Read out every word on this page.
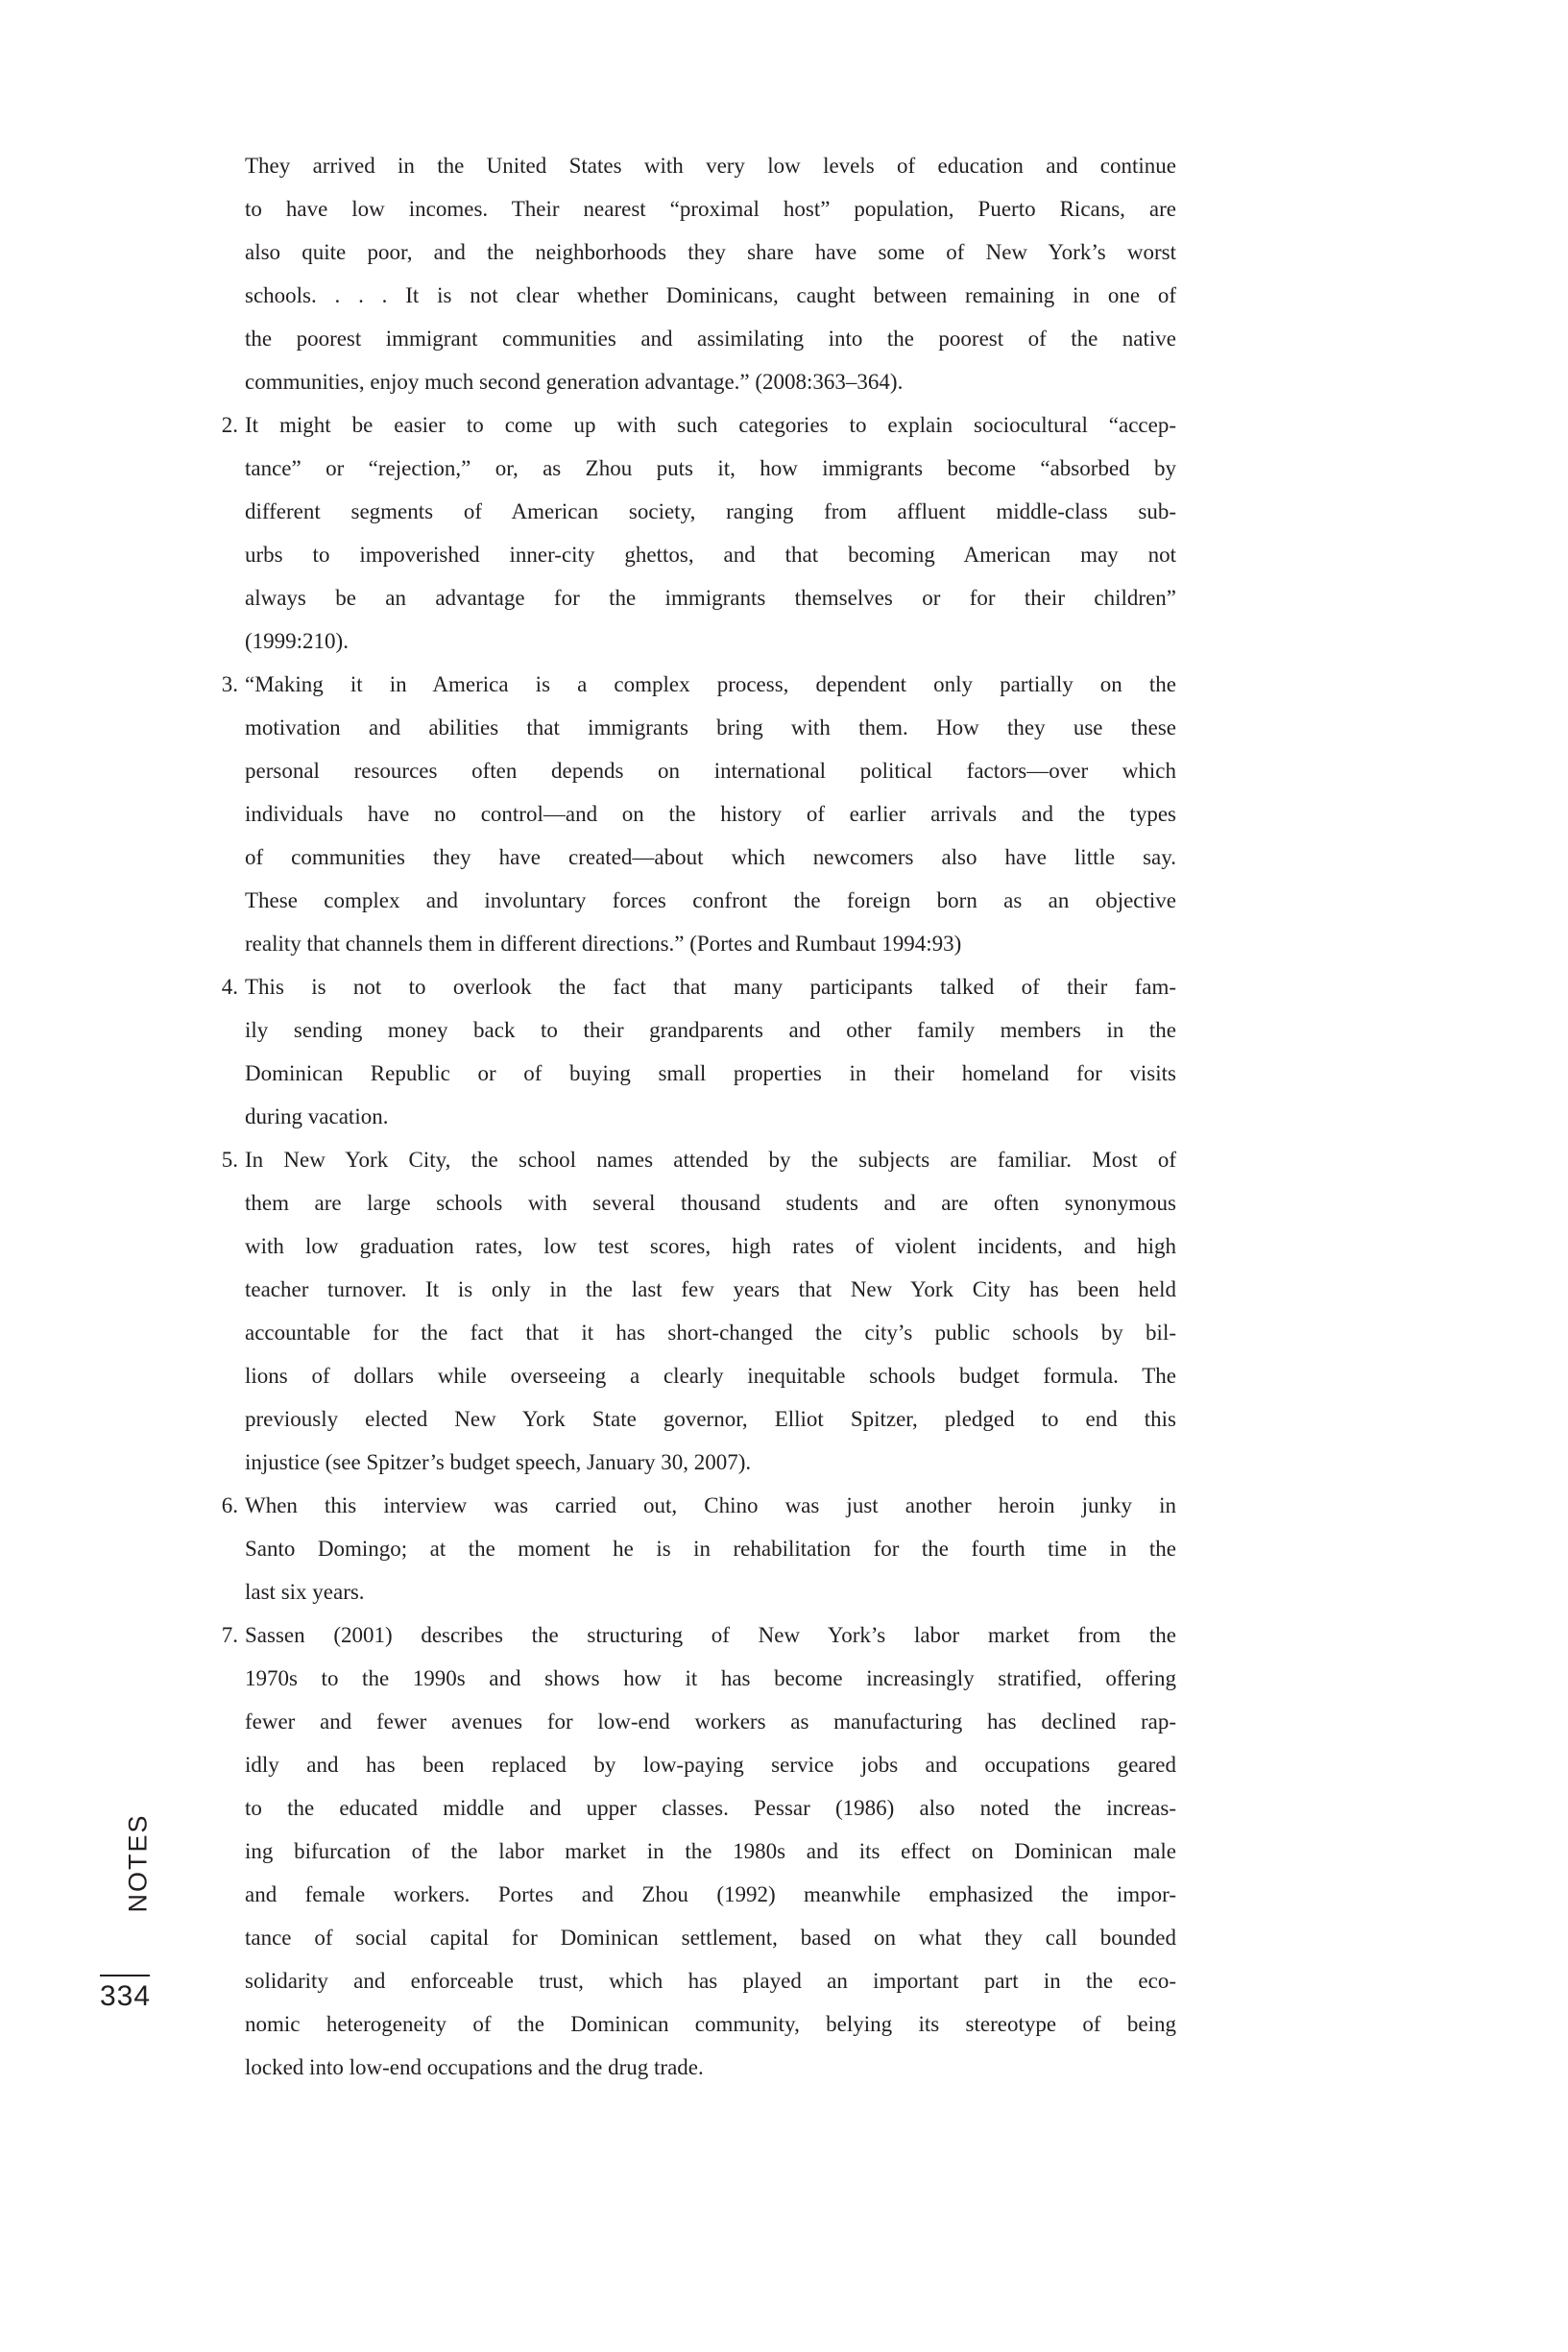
NOTES
334
They arrived in the United States with very low levels of education and continue
to have low incomes. Their nearest “proximal host” population, Puerto Ricans, are
also quite poor, and the neighborhoods they share have some of New York’s worst
schools. . . . It is not clear whether Dominicans, caught between remaining in one of
the poorest immigrant communities and assimilating into the poorest of the native
communities, enjoy much second generation advantage.” (2008:363–364).
2. It might be easier to come up with such categories to explain sociocultural “accep-
tance” or “rejection,” or, as Zhou puts it, how immigrants become “absorbed by
different segments of American society, ranging from affluent middle-class sub-
urbs to impoverished inner-city ghettos, and that becoming American may not
always be an advantage for the immigrants themselves or for their children”
(1999:210).
3. “Making it in America is a complex process, dependent only partially on the
motivation and abilities that immigrants bring with them. How they use these
personal resources often depends on international political factors—over which
individuals have no control—and on the history of earlier arrivals and the types
of communities they have created—about which newcomers also have little say.
These complex and involuntary forces confront the foreign born as an objective
reality that channels them in different directions.” (Portes and Rumbaut 1994:93)
4. This is not to overlook the fact that many participants talked of their fam-
ily sending money back to their grandparents and other family members in the
Dominican Republic or of buying small properties in their homeland for visits
during vacation.
5. In New York City, the school names attended by the subjects are familiar. Most of
them are large schools with several thousand students and are often synonymous
with low graduation rates, low test scores, high rates of violent incidents, and high
teacher turnover. It is only in the last few years that New York City has been held
accountable for the fact that it has short-changed the city’s public schools by bil-
lions of dollars while overseeing a clearly inequitable schools budget formula. The
previously elected New York State governor, Elliot Spitzer, pledged to end this
injustice (see Spitzer’s budget speech, January 30, 2007).
6. When this interview was carried out, Chino was just another heroin junky in
Santo Domingo; at the moment he is in rehabilitation for the fourth time in the
last six years.
7. Sassen (2001) describes the structuring of New York’s labor market from the
1970s to the 1990s and shows how it has become increasingly stratified, offering
fewer and fewer avenues for low-end workers as manufacturing has declined rap-
idly and has been replaced by low-paying service jobs and occupations geared
to the educated middle and upper classes. Pessar (1986) also noted the increas-
ing bifurcation of the labor market in the 1980s and its effect on Dominican male
and female workers. Portes and Zhou (1992) meanwhile emphasized the impor-
tance of social capital for Dominican settlement, based on what they call bounded
solidarity and enforceable trust, which has played an important part in the eco-
nomic heterogeneity of the Dominican community, belying its stereotype of being
locked into low-end occupations and the drug trade.
